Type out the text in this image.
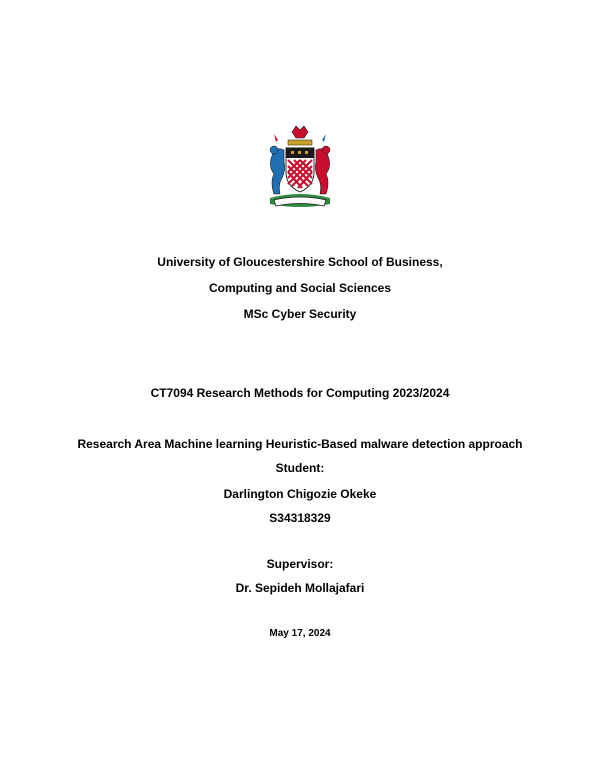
University of Gloucestershire School of Business,
Computing and Social Sciences
MSc Cyber Security
CT7094 Research Methods for Computing 2023/2024
Research Area Machine learning Heuristic-Based malware detection approach
Student:
Darlington Chigozie Okeke
S34318329
Supervisor:
Dr. Sepideh Mollajafari
May 17, 2024
